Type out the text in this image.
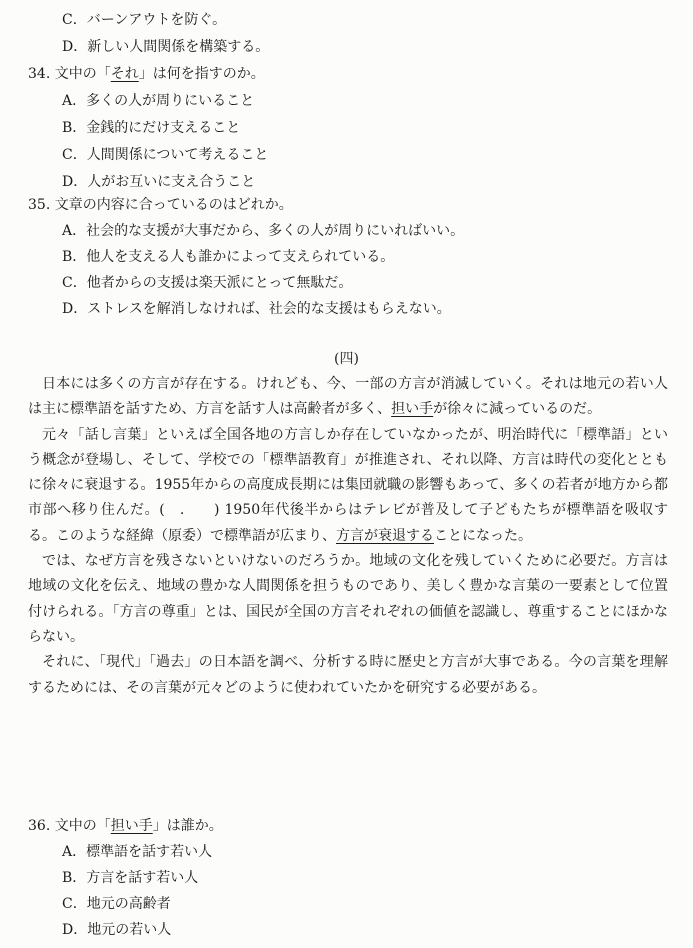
C．バーンアウトを防ぐ。
D．新しい人間関係を構築する。
34. 文中の「それ」は何を指すのか。
A．多くの人が周りにいること
B．金銭的にだけ支えること
C．人間関係について考えること
D．人がお互いに支え合うこと
35. 文章の内容に合っているのはどれか。
A．社会的な支援が大事だから、多くの人が周りにいればいい。
B．他人を支える人も誰かによって支えられている。
C．他者からの支援は楽天派にとって無駄だ。
D．ストレスを解消しなければ、社会的な支援はもらえない。
(四)

日本には多くの方言が存在する。けれども、今、一部の方言が消滅していく。それは地元の若い人は主に標準語を話すため、方言を話す人は高齢者が多く、担い手が徐々に減っているのだ。

元々「話し言葉」といえば全国各地の方言しか存在していなかったが、明治時代に「標準語」という概念が登場し、そして、学校での「標準語教育」が推進され、それ以降、方言は時代の変化とともに徐々に衰退する。1955年からの高度成長期には集団就職の影響もあって、多くの若者が地方から都市部へ移り住んだ。(　.　　) 1950年代後半からはテレビが普及して子どもたちが標準語を吸収する。このような経緯（原委）で標準語が広まり、方言が衰退することになった。

では、なぜ方言を残さないといけないのだろうか。地域の文化を残していくために必要だ。方言は地域の文化を伝え、地域の豊かな人間関係を担うものであり、美しく豊かな言葉の一要素として位置付けられる。「方言の尊重」とは、国民が全国の方言それぞれの価値を認識し、尊重することにほかならない。

それに、「現代」「過去」の日本語を調べ、分析する時に歴史と方言が大事である。今の言葉を理解するためには、その言葉が元々どのように使われていたかを研究する必要がある。

36. 文中の「担い手」は誰か。
A．標準語を話す若い人
B．方言を話す若い人
C．地元の高齢者
D．地元の若い人
